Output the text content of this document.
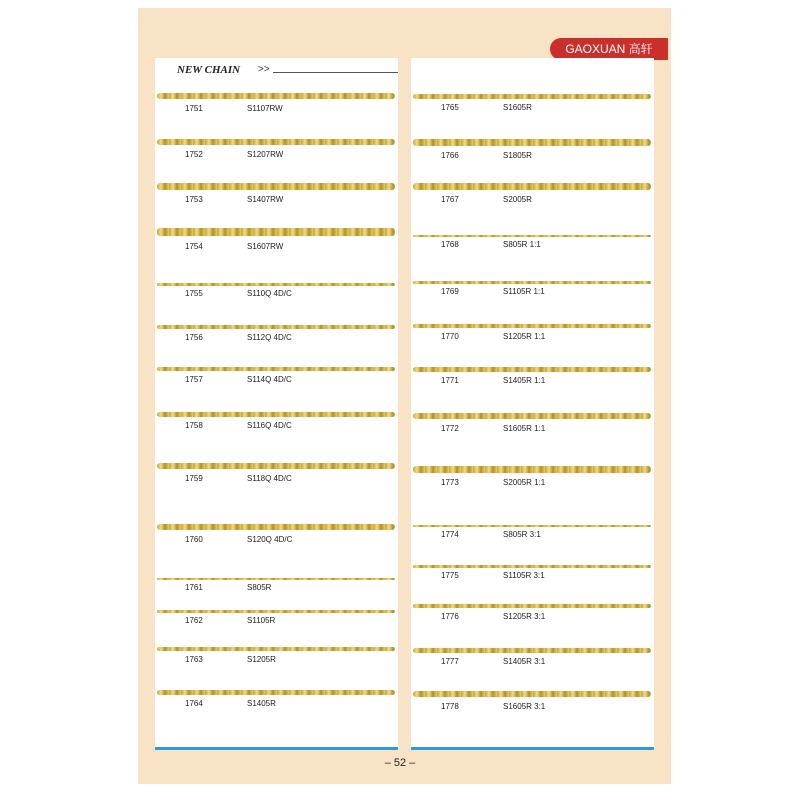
GAOXUAN 高轩
NEW CHAIN >>
1751	S1107RW
1752	S1207RW
1753	S1407RW
1754	S1607RW
1755	S110Q 4D/C
1756	S112Q 4D/C
1757	S114Q 4D/C
1758	S116Q 4D/C
1759	S118Q 4D/C
1760	S120Q 4D/C
1761	S805R
1762	S1105R
1763	S1205R
1764	S1405R
1765	S1605R
1766	S1805R
1767	S2005R
1768	S805R 1:1
1769	S1105R 1:1
1770	S1205R 1:1
1771	S1405R 1:1
1772	S1605R 1:1
1773	S2005R 1:1
1774	S805R 3:1
1775	S1105R 3:1
1776	S1205R 3:1
1777	S1405R 3:1
1778	S1605R 3:1
– 52 –
